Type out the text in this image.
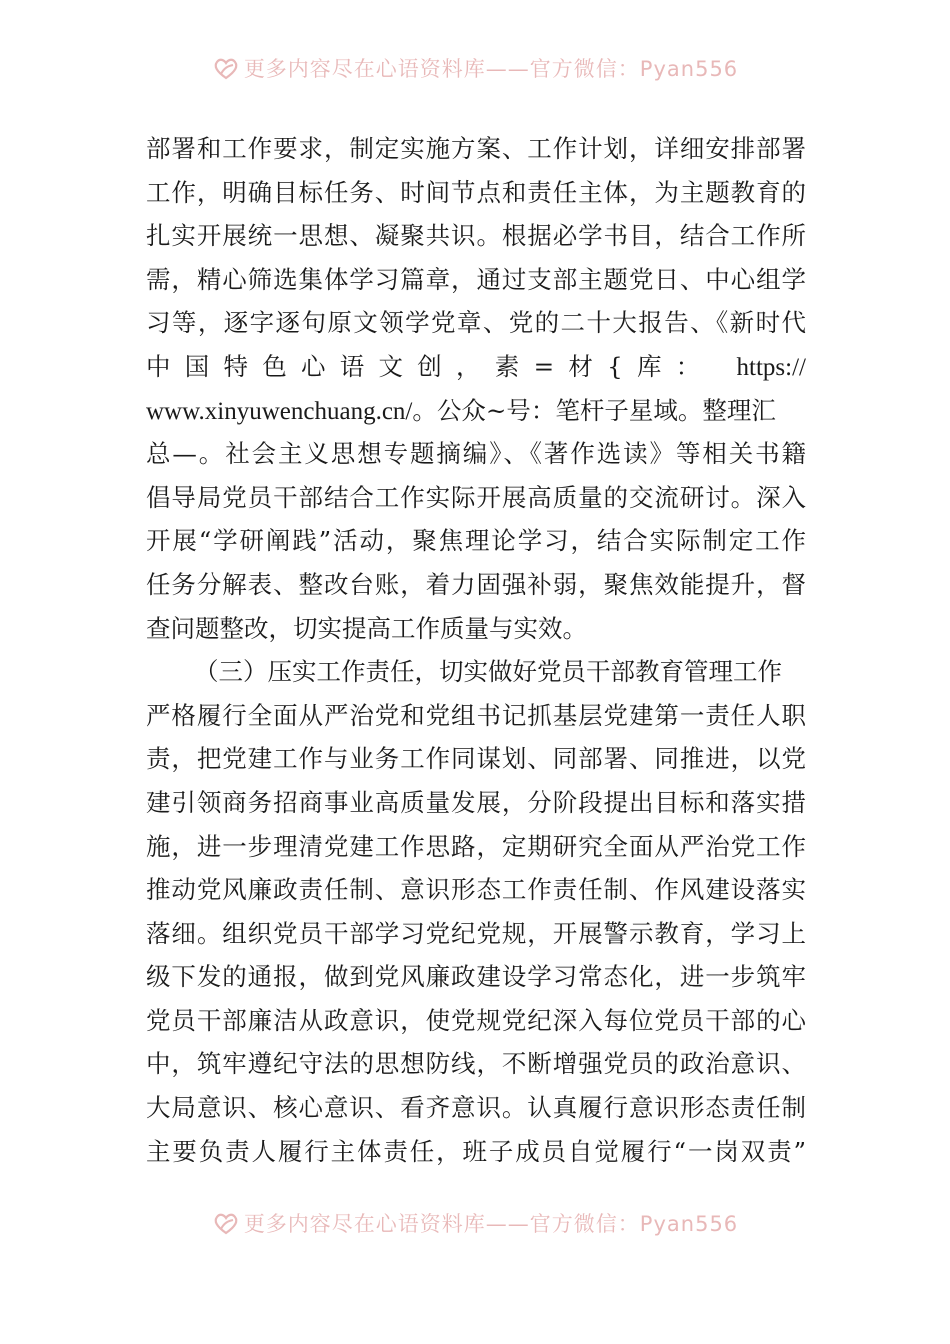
更多内容尽在心语资料库——官方微信：Pyan556
部署和工作要求，制定实施方案、工作计划，详细安排部署
工作，明确目标任务、时间节点和责任主体，为主题教育的
扎实开展统一思想、凝聚共识。根据必学书目，结合工作所
需，精心筛选集体学习篇章，通过支部主题党日、中心组学
习等，逐字逐句原文领学党章、党的二十大报告、《新时代
中国特色心语文创，素=材{库： https://
www.xinyuwenchuang.cn/。公众~号：笔杆子星域。整理汇
总—。社会主义思想专题摘编》、《著作选读》等相关书籍
倡导局党员干部结合工作实际开展高质量的交流研讨。深入
开展“学研阐践”活动，聚焦理论学习，结合实际制定工作
任务分解表、整改台账，着力固强补弱，聚焦效能提升，督
查问题整改，切实提高工作质量与实效。
（三）压实工作责任，切实做好党员干部教育管理工作
严格履行全面从严治党和党组书记抓基层党建第一责任人职
责，把党建工作与业务工作同谋划、同部署、同推进，以党
建引领商务招商事业高质量发展，分阶段提出目标和落实措
施，进一步理清党建工作思路，定期研究全面从严治党工作
推动党风廉政责任制、意识形态工作责任制、作风建设落实
落细。组织党员干部学习党纪党规，开展警示教育，学习上
级下发的通报，做到党风廉政建设学习常态化，进一步筑牢
党员干部廉洁从政意识，使党规党纪深入每位党员干部的心
中，筑牢遵纪守法的思想防线，不断增强党员的政治意识、
大局意识、核心意识、看齐意识。认真履行意识形态责任制
主要负责人履行主体责任，班子成员自觉履行“一岗双责”
更多内容尽在心语资料库——官方微信：Pyan556
